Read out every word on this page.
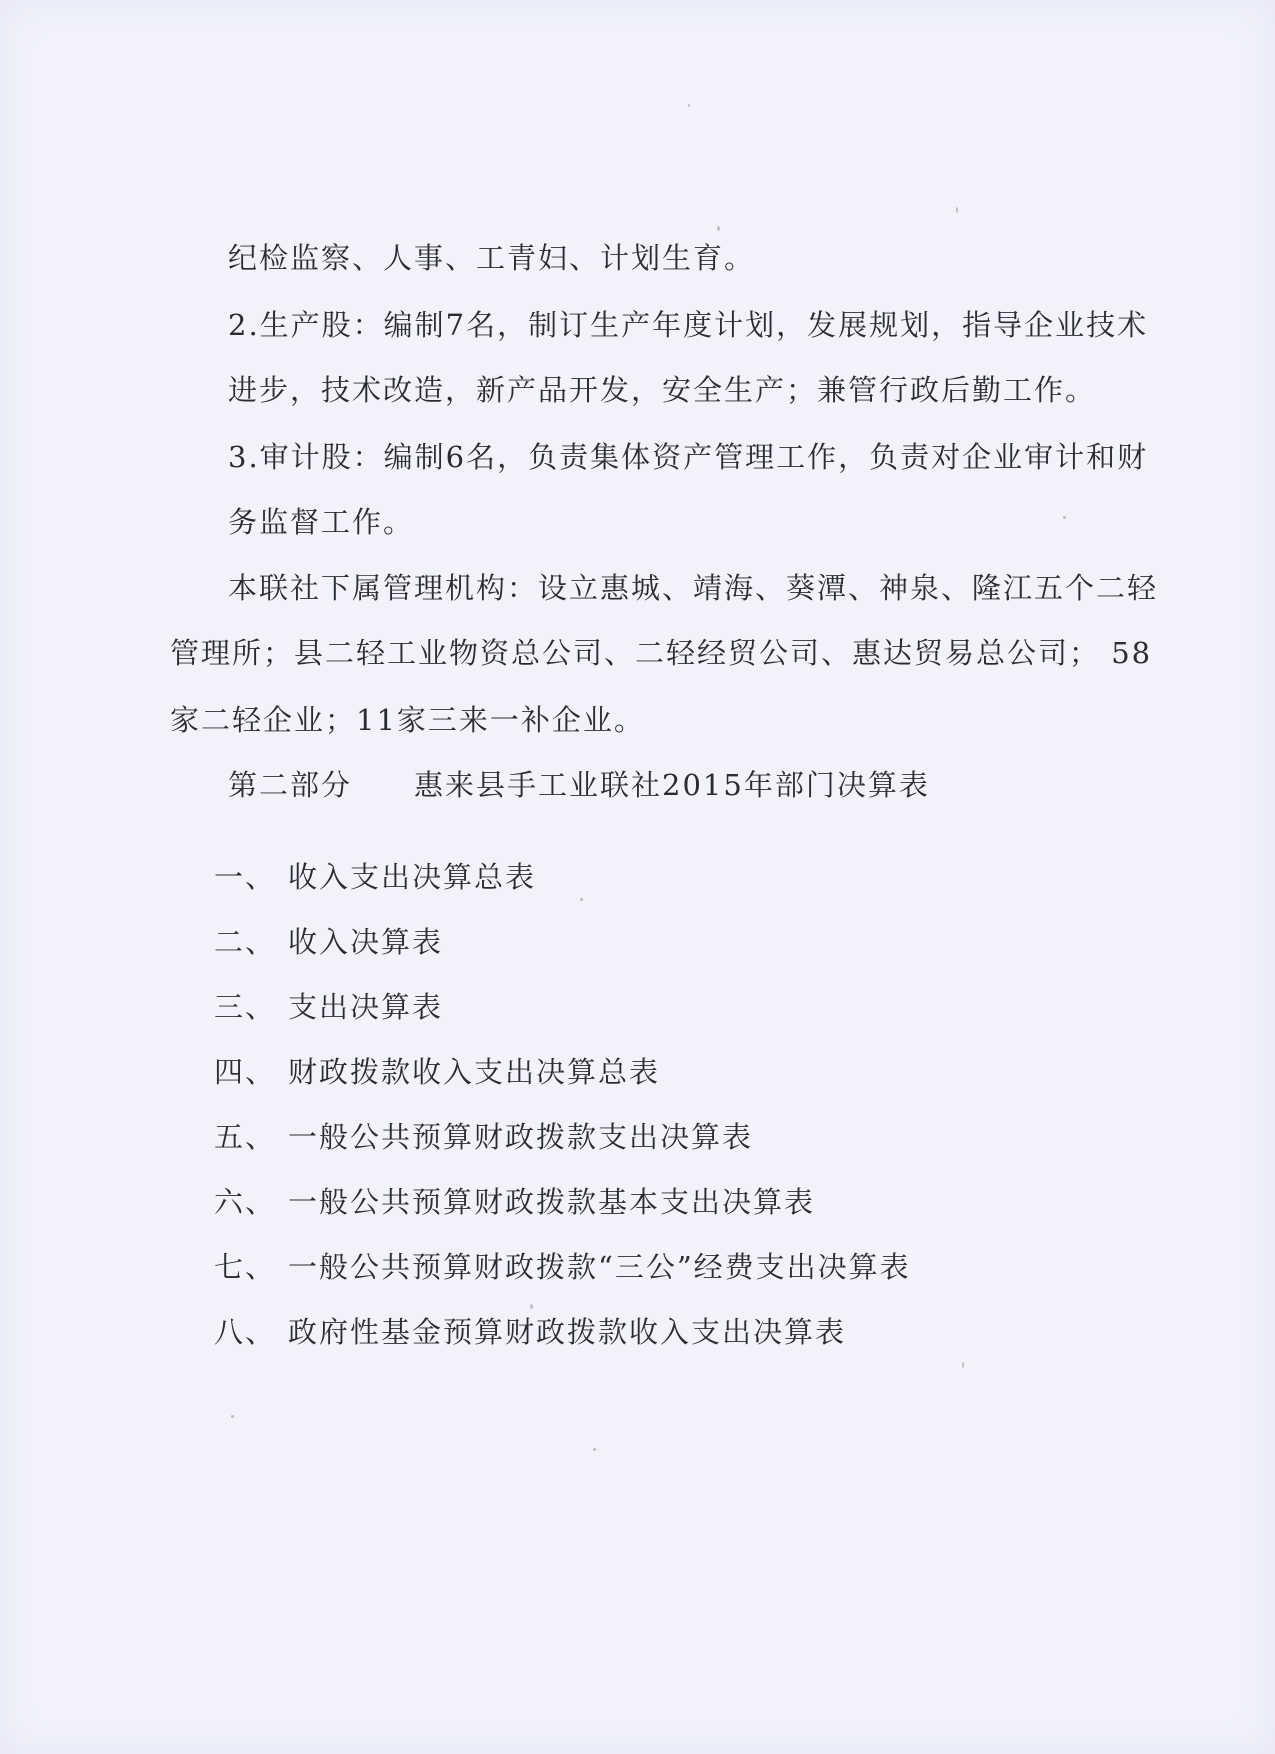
纪检监察、人事、工青妇、计划生育。
2.生产股：编制7名，制订生产年度计划，发展规划，指导企业技术
进步，技术改造，新产品开发，安全生产；兼管行政后勤工作。
3.审计股：编制6名，负责集体资产管理工作，负责对企业审计和财
务监督工作。
本联社下属管理机构：设立惠城、靖海、葵潭、神泉、隆江五个二轻
管理所；县二轻工业物资总公司、二轻经贸公司、惠达贸易总公司； 58
家二轻企业；11家三来一补企业。
第二部分 惠来县手工业联社2015年部门决算表
一、 收入支出决算总表
二、 收入决算表
三、 支出决算表
四、 财政拨款收入支出决算总表
五、 一般公共预算财政拨款支出决算表
六、 一般公共预算财政拨款基本支出决算表
七、 一般公共预算财政拨款“三公”经费支出决算表
八、 政府性基金预算财政拨款收入支出决算表
